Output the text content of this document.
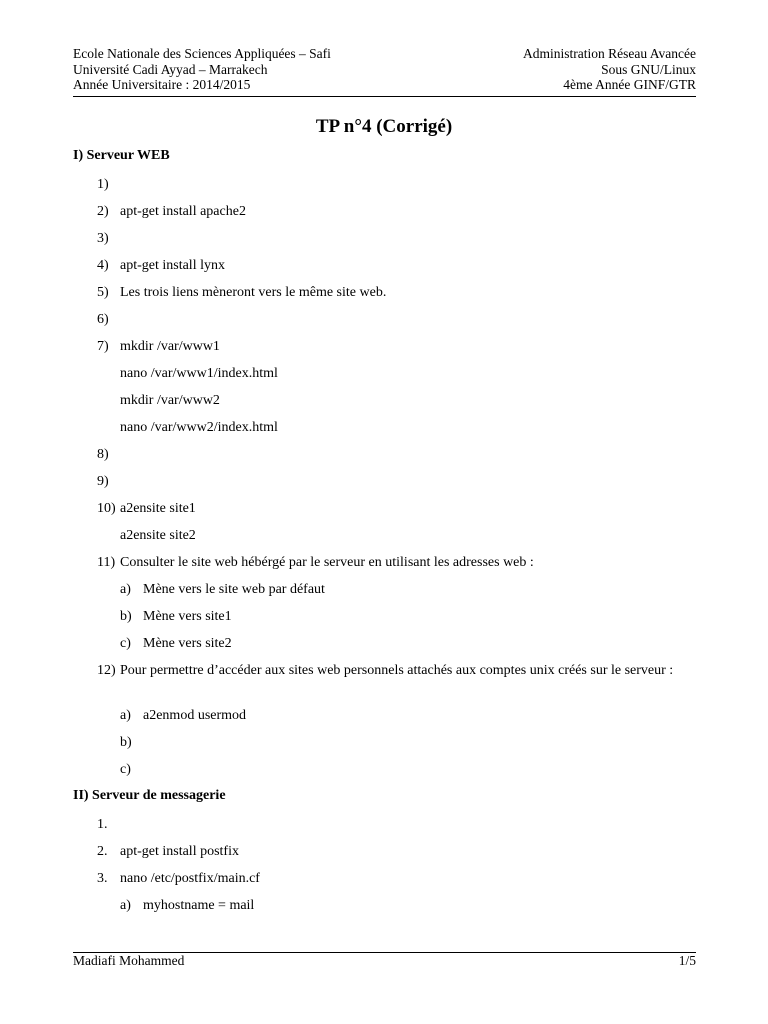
Ecole Nationale des Sciences Appliquées – Safi	Administration Réseau Avancée
Université Cadi Ayyad – Marrakech	Sous GNU/Linux
Année Universitaire : 2014/2015	4ème Année GINF/GTR
TP n°4 (Corrigé)
I) Serveur WEB
1)
2) apt-get install apache2
3)
4) apt-get install lynx
5) Les trois liens mèneront vers le même site web.
6)
7) mkdir /var/www1
nano /var/www1/index.html
mkdir /var/www2
nano /var/www2/index.html
8)
9)
10) a2ensite site1
a2ensite site2
11) Consulter le site web hébérgé par le serveur en utilisant les adresses web :
a) Mène vers le site web par défaut
b) Mène vers site1
c) Mène vers site2
12) Pour permettre d’accéder aux sites web personnels attachés aux comptes unix créés sur le serveur :
a) a2enmod usermod
b)
c)
II) Serveur de messagerie
1.
2. apt-get install postfix
3. nano /etc/postfix/main.cf
a) myhostname = mail
Madiafi Mohammed	1/5
